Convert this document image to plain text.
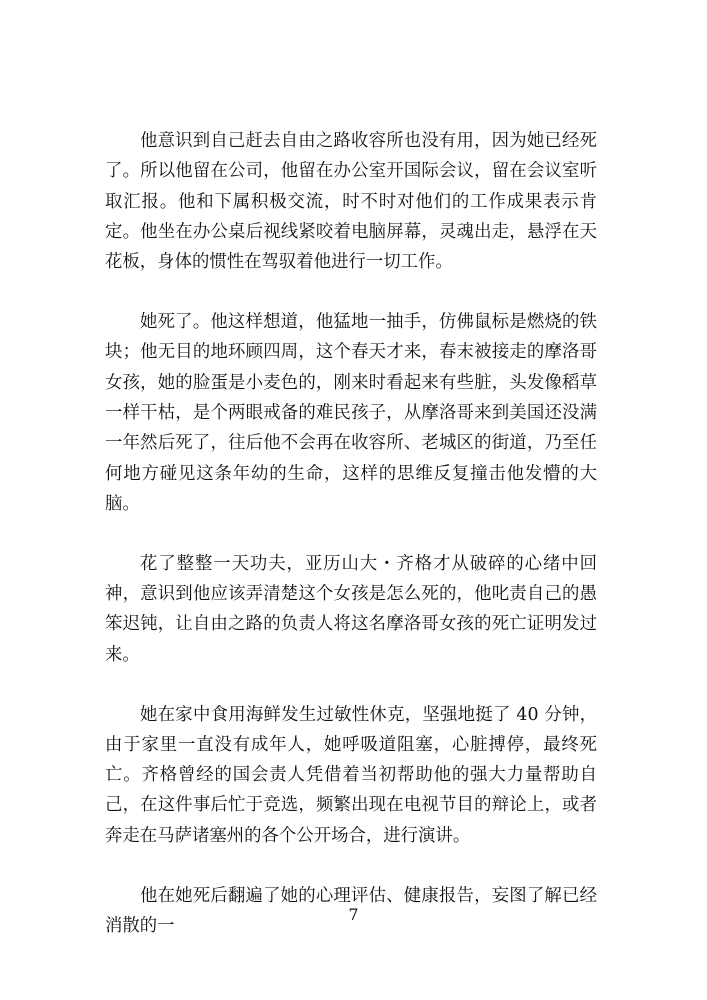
他意识到自己赶去自由之路收容所也没有用，因为她已经死了。所以他留在公司，他留在办公室开国际会议，留在会议室听取汇报。他和下属积极交流，时不时对他们的工作成果表示肯定。他坐在办公桌后视线紧咬着电脑屏幕，灵魂出走，悬浮在天花板，身体的惯性在驾驭着他进行一切工作。

她死了。他这样想道，他猛地一抽手，仿佛鼠标是燃烧的铁块；他无目的地环顾四周，这个春天才来，春末被接走的摩洛哥女孩，她的脸蛋是小麦色的，刚来时看起来有些脏，头发像稻草一样干枯，是个两眼戒备的难民孩子，从摩洛哥来到美国还没满一年然后死了，往后他不会再在收容所、老城区的街道，乃至任何地方碰见这条年幼的生命，这样的思维反复撞击他发懵的大脑。

花了整整一天功夫，亚历山大・齐格才从破碎的心绪中回神，意识到他应该弄清楚这个女孩是怎么死的，他叱责自己的愚笨迟钝，让自由之路的负责人将这名摩洛哥女孩的死亡证明发过来。

她在家中食用海鲜发生过敏性休克，坚强地挺了 40 分钟，由于家里一直没有成年人，她呼吸道阻塞，心脏搏停，最终死亡。齐格曾经的国会责人凭借着当初帮助他的强大力量帮助自己，在这件事后忙于竞选，频繁出现在电视节目的辩论上，或者奔走在马萨诸塞州的各个公开场合，进行演讲。

他在她死后翻遍了她的心理评估、健康报告，妄图了解已经消散的一

7
